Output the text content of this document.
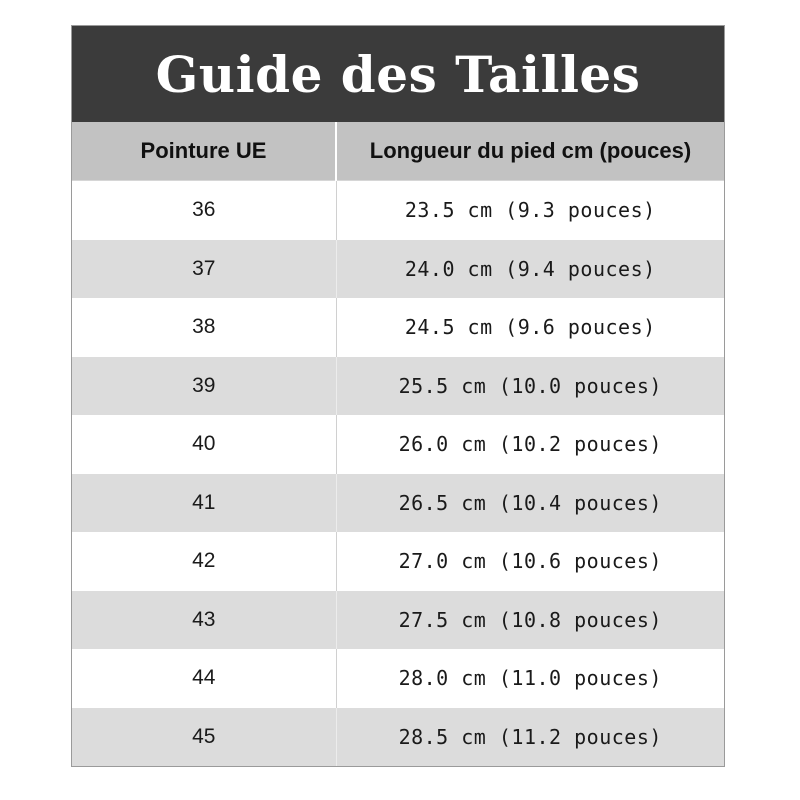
Guide des Tailles
Pointure UE	Longueur du pied cm (pouces)
36	23.5 cm (9.3 pouces)
37	24.0 cm (9.4 pouces)
38	24.5 cm (9.6 pouces)
39	25.5 cm (10.0 pouces)
40	26.0 cm (10.2 pouces)
41	26.5 cm (10.4 pouces)
42	27.0 cm (10.6 pouces)
43	27.5 cm (10.8 pouces)
44	28.0 cm (11.0 pouces)
45	28.5 cm (11.2 pouces)
